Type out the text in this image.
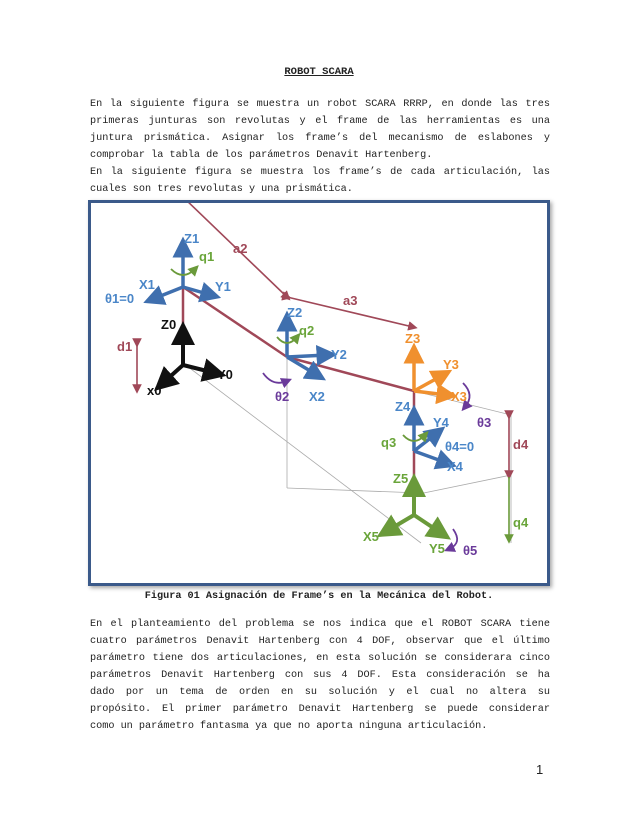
ROBOT SCARA

En la siguiente figura se muestra un robot SCARA RRRP, en donde las tres
primeras junturas son revolutas y el frame de las herramientas es una
juntura prismática. Asignar los frame’s del mecanismo de eslabones y
comprobar la tabla de los parámetros Denavit Hartenberg.

En la siguiente figura se muestra los frame’s de cada articulación, las
cuales son tres revolutas y una prismática.

Z1
q1
a2
X1	Y1
θ1=0
Z0
d1
Y0
x0
a3
Z2
q2
Y2
θ2 X2
Z3
Y3
X3
θ3
Z4
Y4
q3	θ4=0
X4
d4
Z5
q4
X5
Y5 θ5
Figura 01 Asignación de Frame’s en la Mecánica del Robot.

En el planteamiento del problema se nos indica que el ROBOT SCARA tiene
cuatro parámetros Denavit Hartenberg con 4 DOF, observar que el último
parámetro tiene dos articulaciones, en esta solución se considerara cinco
parámetros Denavit Hartenberg con sus 4 DOF. Esta consideración se ha
dado por un tema de orden en su solución y el cual no altera su
propósito. El primer parámetro Denavit Hartenberg se puede considerar
como un parámetro fantasma ya que no aporta ninguna articulación.

1
